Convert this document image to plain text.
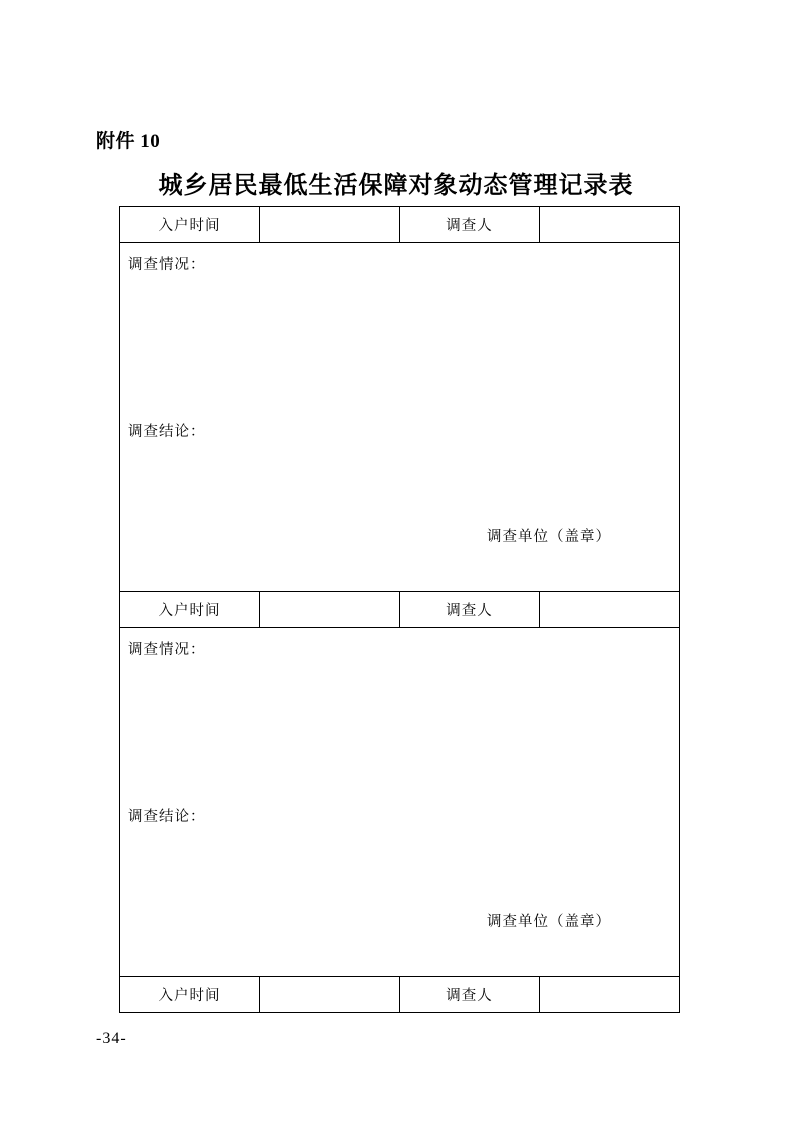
附件 10
城乡居民最低生活保障对象动态管理记录表
入户时间		调查人	

调查情况：
调查结论：
调查单位（盖章）			

入户时间		调查人	

调查情况：
调查结论：
调查单位（盖章）			

入户时间		调查人	
-34-
